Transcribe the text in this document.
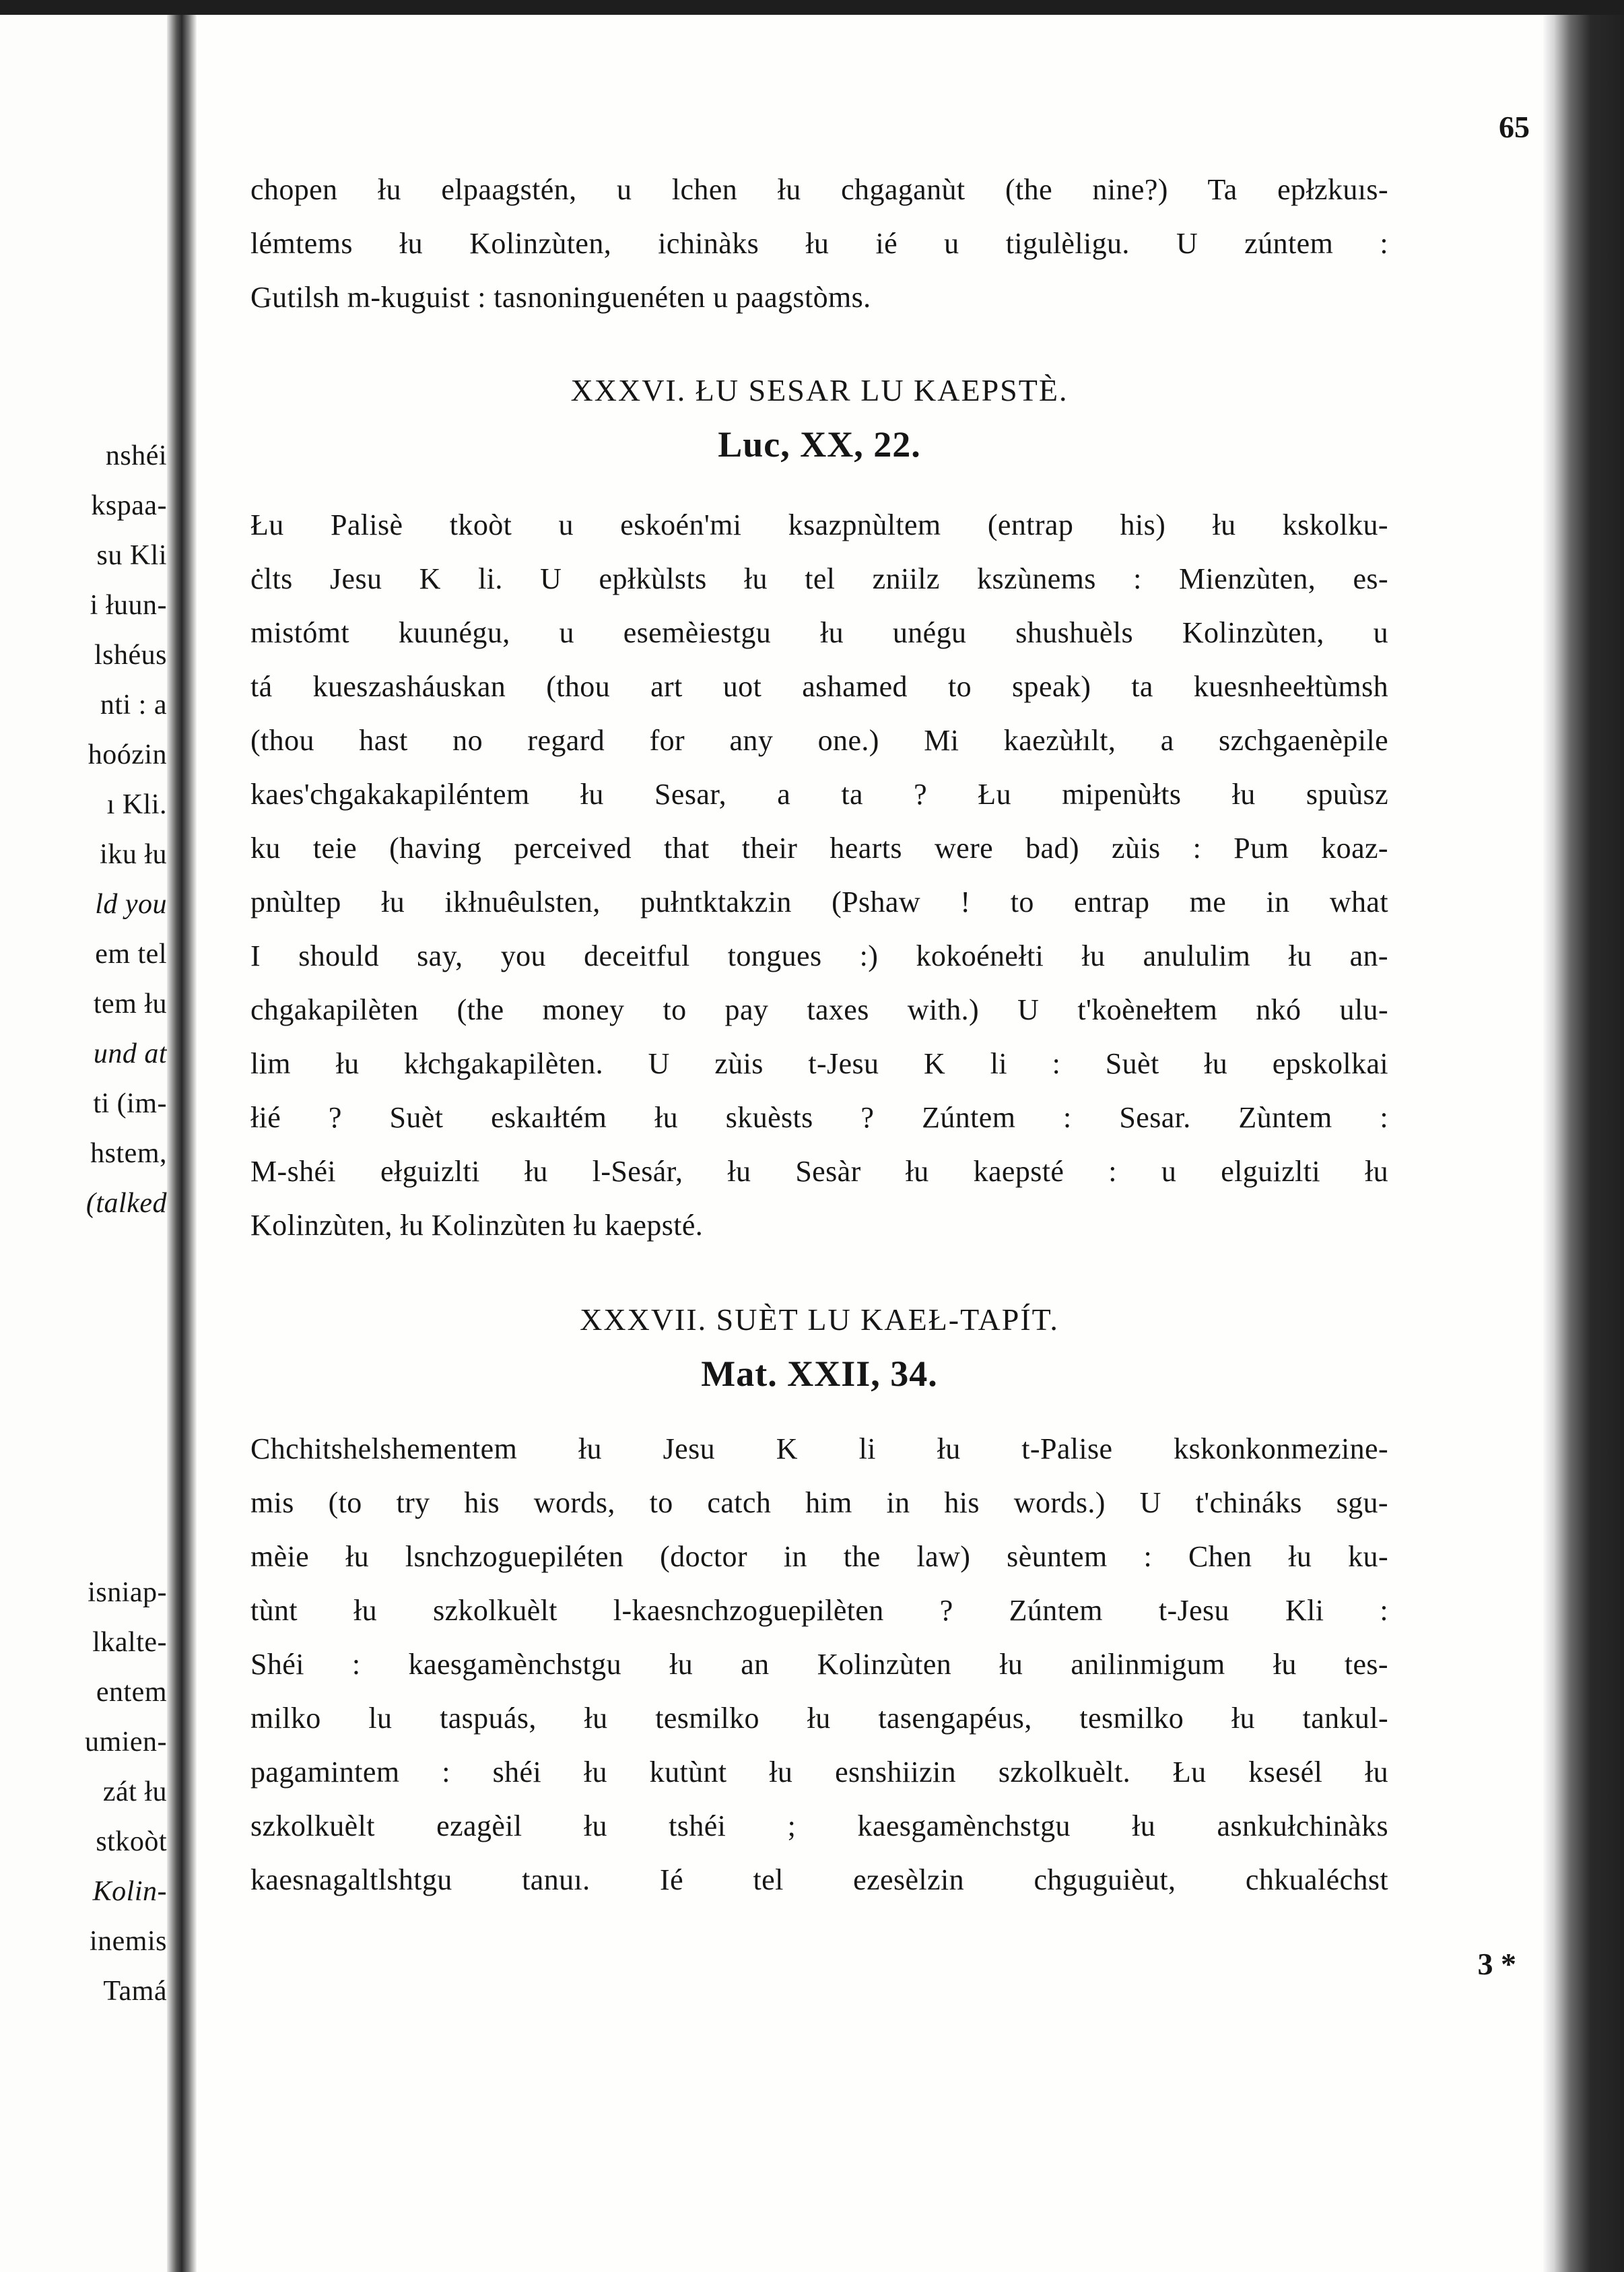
nshéi
kspaa-
su Kli
i łuun-
lshéus
nti : a
hoózin
ı Kli.
iku łu
ld you
em tel
tem łu
und at
ti (im-
hstem,
(talked
isniap-
lkalte-
entem
umien-
zát łu
stkoòt
Kolin-
inemis
Tamá
65
chopen łu elpaagstén, u lchen łu chgaganùt (the nine?) Ta epłzkuıs-
lémtems łu Kolinzùten, ichinàks łu ié u tigulèligu. U zúntem :
Gutilsh m-kuguist : tasnoninguenéten u paagstòms.
XXXVI. ŁU SESAR LU KAEPSTÈ.
Luc, XX, 22.
Łu Palisè tkoòt u eskoén'mi ksazpnùltem (entrap his) łu kskolku-
ċlts Jesu K li. U epłkùlsts łu tel zniilz kszùnems : Mienzùten, es-
mistómt kuunégu, u esemèiestgu łu unégu shushuèls Kolinzùten, u
tá kueszasháuskan (thou art uot ashamed to speak) ta kuesnheełtùmsh
(thou hast no regard for any one.) Mi kaezùłılt, a szchgaenèpile
kaes'chgakakapiléntem łu Sesar, a ta ? Łu mipenùłts łu spuùsz
ku teie (having perceived that their hearts were bad) zùis : Pum koaz-
pnùltep łu ikłnuêulsten, pułntktakzin (Pshaw ! to entrap me in what
I should say, you deceitful tongues :) kokoénełti łu anululim łu an-
chgakapilèten (the money to pay taxes with.) U t'koènełtem nkó ulu-
lim łu kłchgakapilèten. U zùis t-Jesu K li : Suèt łu epskolkai
łié ? Suèt eskaıłtém łu skuèsts ? Zúntem : Sesar. Zùntem :
M-shéi ełguizlti łu l-Sesár, łu Sesàr łu kaepsté : u elguizlti łu
Kolinzùten, łu Kolinzùten łu kaepsté.
XXXVII. SUÈT LU KAEŁ-TAPÍT.
Mat. XXII, 34.
Chchitshelshementem łu Jesu K li łu t-Palise kskonkonmezine-
mis (to try his words, to catch him in his words.) U t'chináks sgu-
mèie łu lsnchzoguepiléten (doctor in the law) sèuntem : Chen łu ku-
tùnt łu szkolkuèlt l-kaesnchzoguepilèten ? Zúntem t-Jesu Kli :
Shéi : kaesgamènchstgu łu an Kolinzùten łu anilinmigum łu tes-
milko lu taspuás, łu tesmilko łu tasengapéus, tesmilko łu tankul-
pagamintem : shéi łu kutùnt łu esnshiizin szkolkuèlt. Łu ksesél łu
szkolkuèlt ezagèil łu tshéi ; kaesgamènchstgu łu asnkułchinàks
kaesnagaltlshtgu tanuı. Ié tel ezesèlzin chguguièut, chkualéchst
3 *
